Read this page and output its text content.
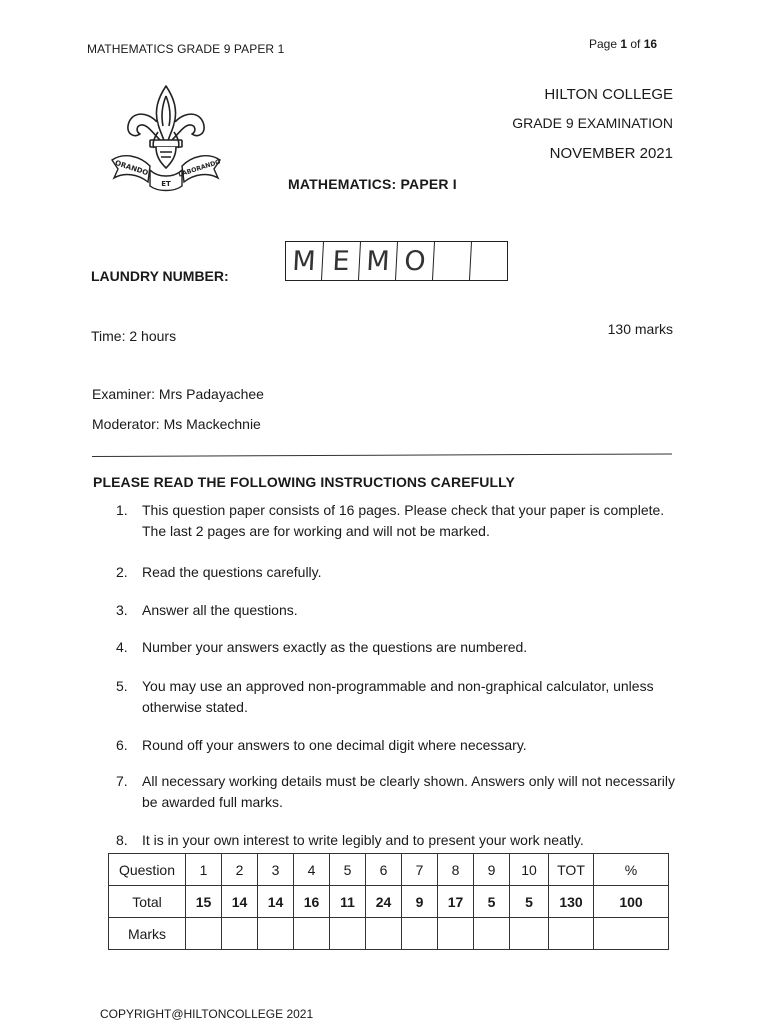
MATHEMATICS GRADE 9 PAPER 1	Page 1 of 16
HILTON COLLEGE
GRADE 9 EXAMINATION
NOVEMBER 2021
ORANDO
ET
LABORANDO
MATHEMATICS: PAPER I
LAUNDRY NUMBER: M E M O
Time: 2 hours	130 marks
Examiner: Mrs Padayachee
Moderator: Ms Mackechnie
PLEASE READ THE FOLLOWING INSTRUCTIONS CAREFULLY
1.	This question paper consists of 16 pages. Please check that your paper is complete. The last 2 pages are for working and will not be marked.
2.	Read the questions carefully.
3.	Answer all the questions.
4.	Number your answers exactly as the questions are numbered.
5.	You may use an approved non-programmable and non-graphical calculator, unless otherwise stated.
6.	Round off your answers to one decimal digit where necessary.
7.	All necessary working details must be clearly shown. Answers only will not necessarily be awarded full marks.
8.	It is in your own interest to write legibly and to present your work neatly.
Question	1	2	3	4	5	6	7	8	9	10	TOT	%
Total	15	14	14	16	11	24	9	17	5	5	130	100
Marks												
COPYRIGHT@HILTONCOLLEGE 2021
